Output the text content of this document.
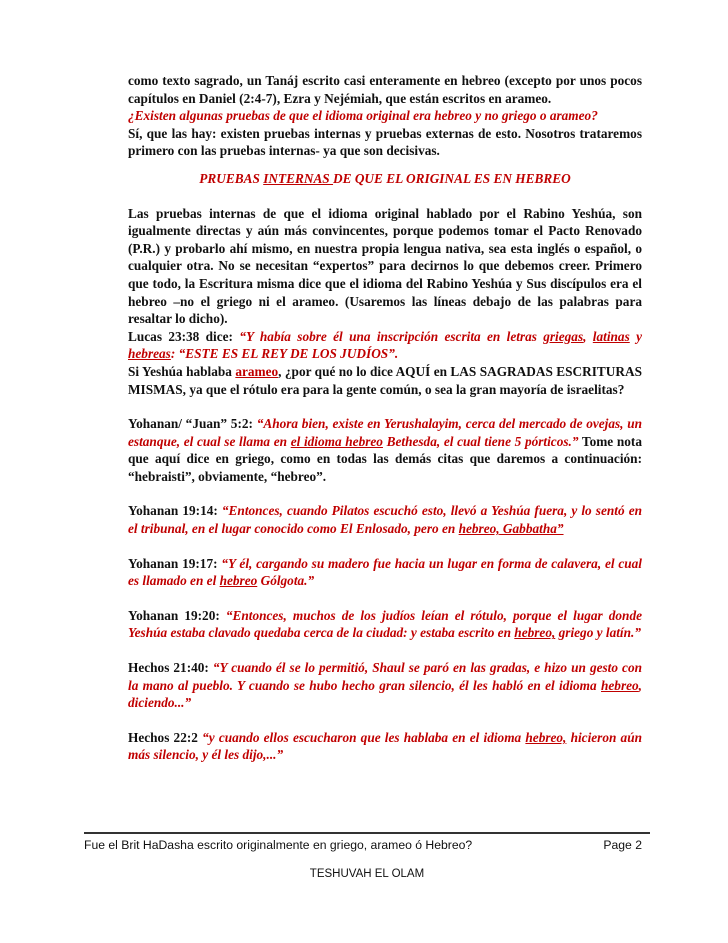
como texto sagrado, un Tanáj escrito casi enteramente en hebreo (excepto por unos pocos capítulos en Daniel (2:4-7), Ezra y Nejémiah, que están escritos en arameo.
¿Existen algunas pruebas de que el idioma original era hebreo y no griego o arameo?
Sí, que las hay: existen pruebas internas y pruebas externas de esto. Nosotros trataremos primero con las pruebas internas- ya que son decisivas.

PRUEBAS INTERNAS DE QUE EL ORIGINAL ES EN HEBREO

Las pruebas internas de que el idioma original hablado por el Rabino Yeshúa, son igualmente directas y aún más convincentes, porque podemos tomar el Pacto Renovado (P.R.) y probarlo ahí mismo, en nuestra propia lengua nativa, sea esta inglés o español, o cualquier otra. No se necesitan “expertos” para decirnos lo que debemos creer. Primero que todo, la Escritura misma dice que el idioma del Rabino Yeshúa y Sus discípulos era el hebreo –no el griego ni el arameo. (Usaremos las líneas debajo de las palabras para resaltar lo dicho).
Lucas 23:38 dice: “Y había sobre él una inscripción escrita en letras griegas, latinas y hebreas: “ESTE ES EL REY DE LOS JUDÍOS”.
Si Yeshúa hablaba arameo, ¿por qué no lo dice AQUÍ en LAS SAGRADAS ESCRITURAS MISMAS, ya que el rótulo era para la gente común, o sea la gran mayoría de israelitas?

Yohanan/ “Juan” 5:2: “Ahora bien, existe en Yerushalayim, cerca del mercado de ovejas, un estanque, el cual se llama en el idioma hebreo Bethesda, el cual tiene 5 pórticos.” Tome nota que aquí dice en griego, como en todas las demás citas que daremos a continuación: “hebraisti”, obviamente, “hebreo”.

Yohanan 19:14: “Entonces, cuando Pilatos escuchó esto, llevó a Yeshúa fuera, y lo sentó en el tribunal, en el lugar conocido como El Enlosado, pero en hebreo, Gabbatha”

Yohanan 19:17: “Y él, cargando su madero fue hacia un lugar en forma de calavera, el cual es llamado en el hebreo Gólgota.”

Yohanan 19:20: “Entonces, muchos de los judíos leían el rótulo, porque el lugar donde Yeshúa estaba clavado quedaba cerca de la ciudad: y estaba escrito en hebreo, griego y latín.”

Hechos 21:40: “Y cuando él se lo permitió, Shaul se paró en las gradas, e hizo un gesto con la mano al pueblo. Y cuando se hubo hecho gran silencio, él les habló en el idioma hebreo, diciendo...”

Hechos 22:2 “y cuando ellos escucharon que les hablaba en el idioma hebreo, hicieron aún más silencio, y él les dijo,...”

Fue el Brit HaDasha escrito originalmente en griego, arameo ó Hebreo?	Page 2
TESHUVAH EL OLAM
